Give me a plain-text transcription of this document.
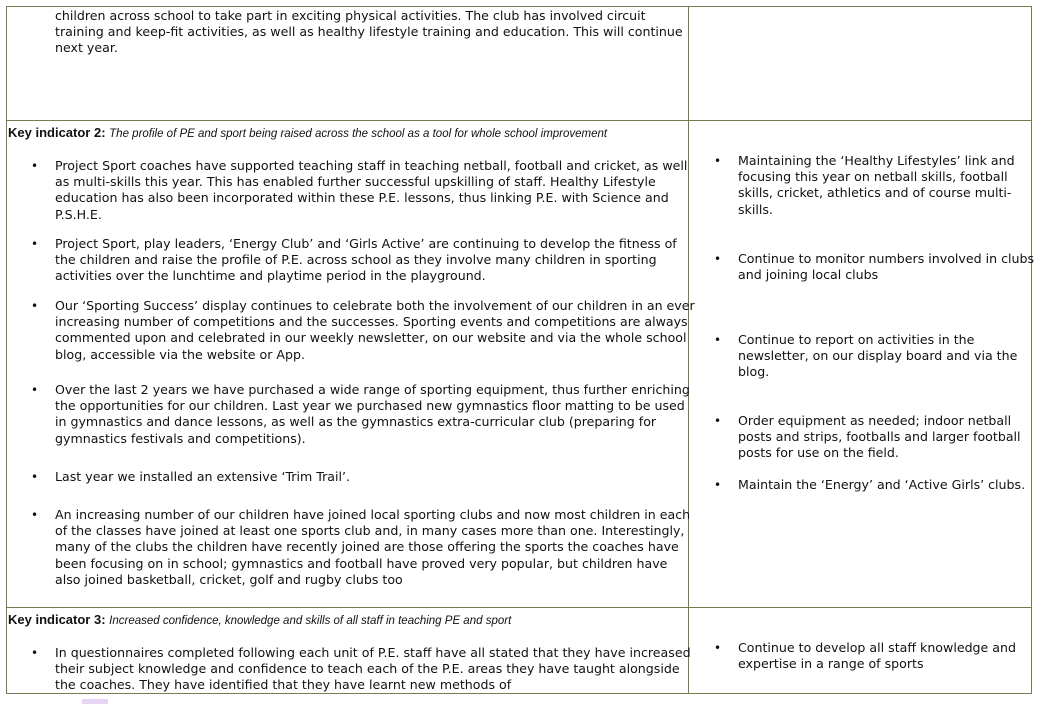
children across school to take part in exciting physical activities. The club has involved circuit training and keep-fit activities, as well as healthy lifestyle training and education. This will continue next year.
Key indicator 2: The profile of PE and sport being raised across the school as a tool for whole school improvement
• Project Sport coaches have supported teaching staff in teaching netball, football and cricket, as well as multi-skills this year. This has enabled further successful upskilling of staff. Healthy Lifestyle education has also been incorporated within these P.E. lessons, thus linking P.E. with Science and P.S.H.E.
• Project Sport, play leaders, ‘Energy Club’ and ‘Girls Active’ are continuing to develop the fitness of the children and raise the profile of P.E. across school as they involve many children in sporting activities over the lunchtime and playtime period in the playground.
• Our ‘Sporting Success’ display continues to celebrate both the involvement of our children in an ever increasing number of competitions and the successes. Sporting events and competitions are always commented upon and celebrated in our weekly newsletter, on our website and via the whole school blog, accessible via the website or App.
• Over the last 2 years we have purchased a wide range of sporting equipment, thus further enriching the opportunities for our children. Last year we purchased new gymnastics floor matting to be used in gymnastics and dance lessons, as well as the gymnastics extra-curricular club (preparing for gymnastics festivals and competitions).
• Last year we installed an extensive ‘Trim Trail’.
• An increasing number of our children have joined local sporting clubs and now most children in each of the classes have joined at least one sports club and, in many cases more than one. Interestingly, many of the clubs the children have recently joined are those offering the sports the coaches have been focusing on in school; gymnastics and football have proved very popular, but children have also joined basketball, cricket, golf and rugby clubs too
• Maintaining the ‘Healthy Lifestyles’ link and focusing this year on netball skills, football skills, cricket, athletics and of course multi-skills.
• Continue to monitor numbers involved in clubs and joining local clubs
• Continue to report on activities in the newsletter, on our display board and via the blog.
• Order equipment as needed; indoor netball posts and strips, footballs and larger football posts for use on the field.
• Maintain the ‘Energy’ and ‘Active Girls’ clubs.
Key indicator 3: Increased confidence, knowledge and skills of all staff in teaching PE and sport
• In questionnaires completed following each unit of P.E. staff have all stated that they have increased their subject knowledge and confidence to teach each of the P.E. areas they have taught alongside the coaches. They have identified that they have learnt new methods of
• Continue to develop all staff knowledge and expertise in a range of sports
